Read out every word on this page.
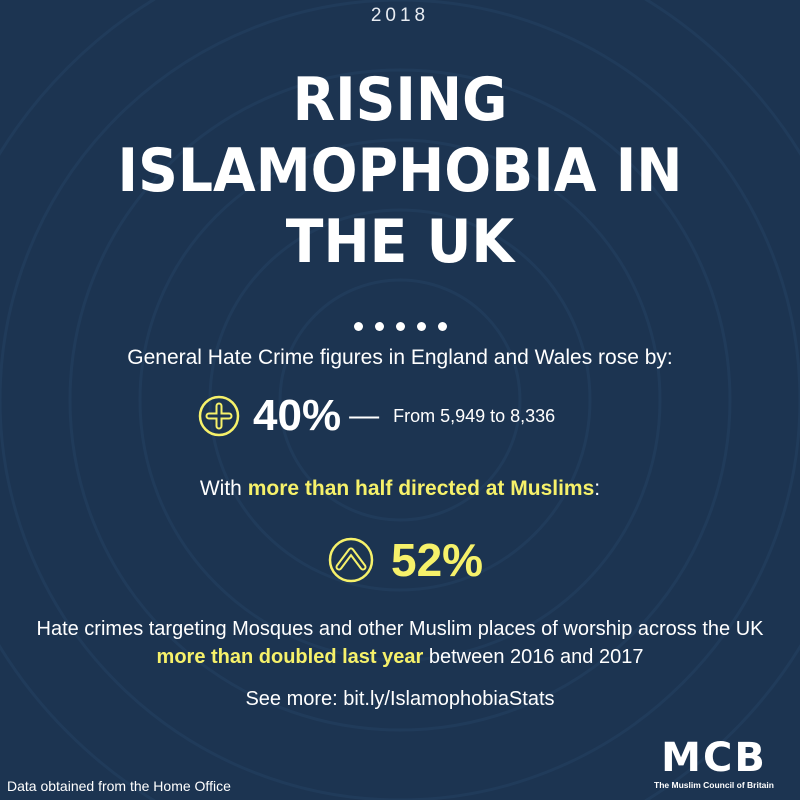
2018
RISING
ISLAMOPHOBIA IN
THE UK
General Hate Crime figures in England and Wales rose by:
40% — From 5,949 to 8,336
With more than half directed at Muslims:
52%
Hate crimes targeting Mosques and other Muslim places of worship across the UK more than doubled last year between 2016 and 2017
See more: bit.ly/IslamophobiaStats
Data obtained from the Home Office
MCB
The Muslim Council of Britain
